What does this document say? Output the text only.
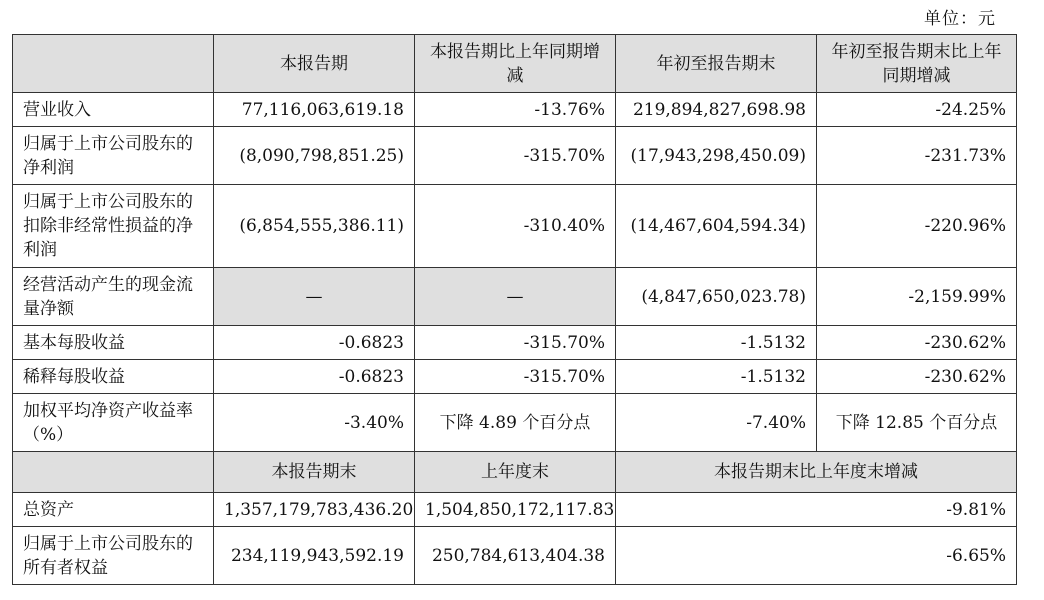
单位：元
	本报告期	本报告期比上年同期增减	年初至报告期末	年初至报告期末比上年同期增减
营业收入	77,116,063,619.18	-13.76%	219,894,827,698.98	-24.25%
归属于上市公司股东的净利润	(8,090,798,851.25)	-315.70%	(17,943,298,450.09)	-231.73%
归属于上市公司股东的扣除非经常性损益的净利润	(6,854,555,386.11)	-310.40%	(14,467,604,594.34)	-220.96%
经营活动产生的现金流量净额	—	—	(4,847,650,023.78)	-2,159.99%
基本每股收益	-0.6823	-315.70%	-1.5132	-230.62%
稀释每股收益	-0.6823	-315.70%	-1.5132	-230.62%
加权平均净资产收益率（%）	-3.40%	下降 4.89 个百分点	-7.40%	下降 12.85 个百分点
	本报告期末	上年度末	本报告期末比上年度末增减	
总资产	1,357,179,783,436.20	1,504,850,172,117.83	-9.81%	
归属于上市公司股东的所有者权益	234,119,943,592.19	250,784,613,404.38	-6.65%	
